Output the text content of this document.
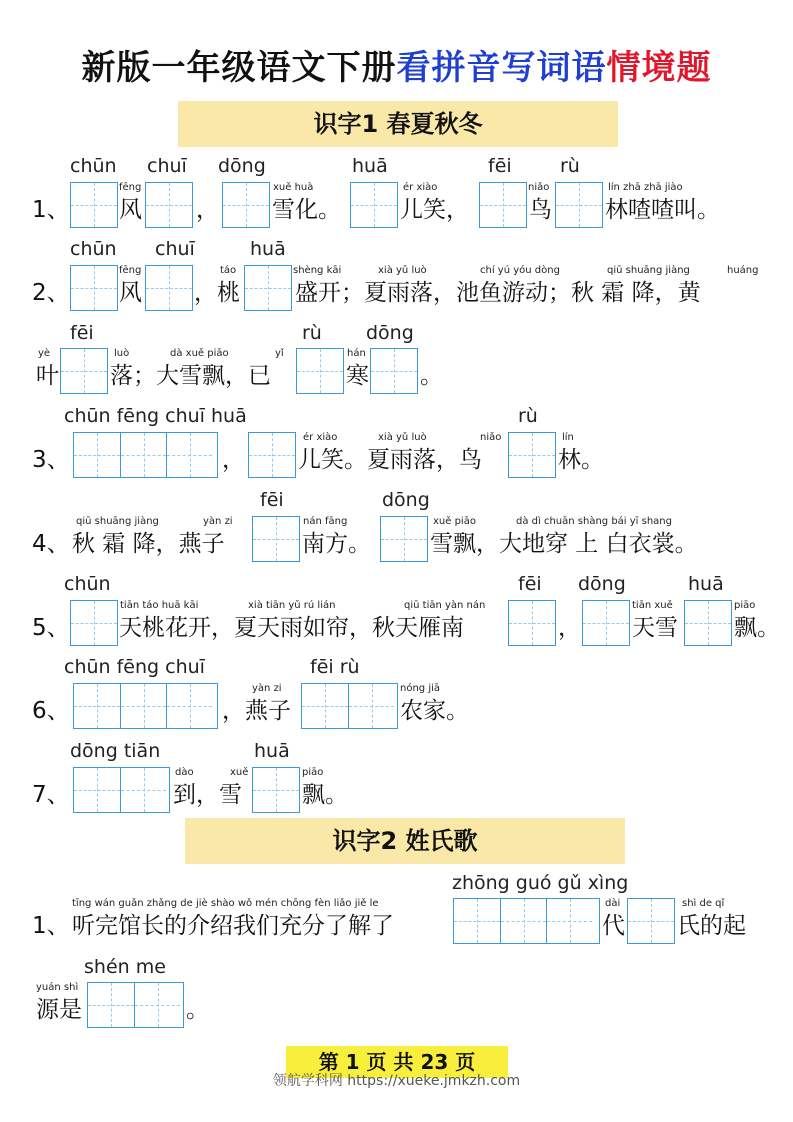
新版一年级语文下册看拼音写词语情境题
识字1 春夏秋冬
chūn chuī dōng	huā	fēi	rù
1、
fēng
风 ，
xuě huà
雪化。
ér xiào
儿笑，
niǎo
鸟
lín zhā zhā jiào
林喳喳叫。
chūn chuī	huā
2、
fēng
风
táo
，桃
shèng kāi	xià yǔ luò	chí yú yóu dòng	qiū shuāng jiàng	huáng
盛开；夏雨落，池鱼游动；秋 霜 降，黄
fēi	rù dōng
yè
叶
luò
落；大雪飘，已
dà xuě piāo	yǐ	hán
寒 。
chūn fēng chuī huā	rù
3、	，
ér xiào	xià yǔ luò	niǎo
儿笑。夏雨落，鸟
lín
林。
fēi	dōng
4、
qiū shuāng jiàng	yàn zi
秋 霜 降，燕子
nán fāng
南方。
xuě piāo	dà dì chuān shàng bái yī shang
雪飘，大地穿 上 白衣裳。
chūn	fēi dōng	huā
5、
tiān táo huā kāi	xià tiān yǔ rú lián	qiū tiān yàn nán
天桃花开，夏天雨如帘，秋天雁南	，
tiān xuě
天雪
piāo
飘。
chūn fēng chuī	fēi rù
6、
yàn zi
，燕子
nóng jiā
农家。
dōng tiān	huā
7、
dào	xuě
到，雪
piāo
飘。
识字2 姓氏歌
zhōng guó gǔ xìng
tīng wán guǎn zhǎng de jiè shào wǒ mén chōng fèn liǎo jiě le
1、 听完馆长的介绍我们充分了解了
dài
代
shì de qǐ
氏的起
shén me
yuán shì
源是	。
第 1 页 共 23 页
领航学科网 https://xueke.jmkzh.com
